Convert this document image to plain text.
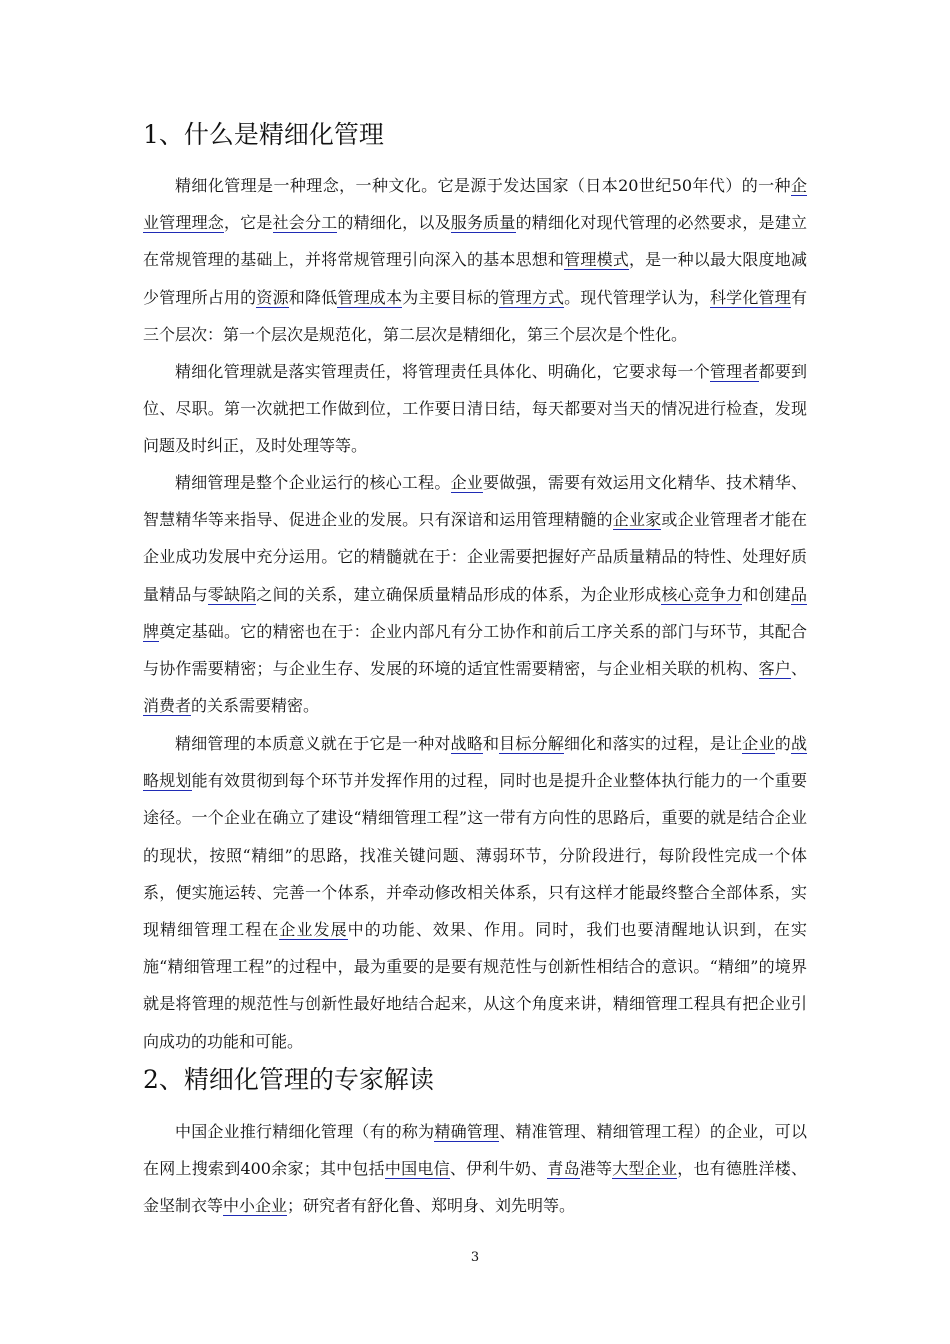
1、什么是精细化管理

精细化管理是一种理念，一种文化。它是源于发达国家（日本20世纪50年代）的一种企业管理理念，它是社会分工的精细化，以及服务质量的精细化对现代管理的必然要求，是建立在常规管理的基础上，并将常规管理引向深入的基本思想和管理模式，是一种以最大限度地减少管理所占用的资源和降低管理成本为主要目标的管理方式。现代管理学认为，科学化管理有三个层次：第一个层次是规范化，第二层次是精细化，第三个层次是个性化。

精细化管理就是落实管理责任，将管理责任具体化、明确化，它要求每一个管理者都要到位、尽职。第一次就把工作做到位，工作要日清日结，每天都要对当天的情况进行检查，发现问题及时纠正，及时处理等等。

精细管理是整个企业运行的核心工程。企业要做强，需要有效运用文化精华、技术精华、智慧精华等来指导、促进企业的发展。只有深谙和运用管理精髓的企业家或企业管理者才能在企业成功发展中充分运用。它的精髓就在于：企业需要把握好产品质量精品的特性、处理好质量精品与零缺陷之间的关系，建立确保质量精品形成的体系，为企业形成核心竞争力和创建品牌奠定基础。它的精密也在于：企业内部凡有分工协作和前后工序关系的部门与环节，其配合与协作需要精密；与企业生存、发展的环境的适宜性需要精密，与企业相关联的机构、客户、消费者的关系需要精密。

精细管理的本质意义就在于它是一种对战略和目标分解细化和落实的过程，是让企业的战略规划能有效贯彻到每个环节并发挥作用的过程，同时也是提升企业整体执行能力的一个重要途径。一个企业在确立了建设“精细管理工程”这一带有方向性的思路后，重要的就是结合企业的现状，按照“精细”的思路，找准关键问题、薄弱环节，分阶段进行，每阶段性完成一个体系，便实施运转、完善一个体系，并牵动修改相关体系，只有这样才能最终整合全部体系，实现精细管理工程在企业发展中的功能、效果、作用。同时，我们也要清醒地认识到，在实施“精细管理工程”的过程中，最为重要的是要有规范性与创新性相结合的意识。“精细”的境界就是将管理的规范性与创新性最好地结合起来，从这个角度来讲，精细管理工程具有把企业引向成功的功能和可能。

2、精细化管理的专家解读

中国企业推行精细化管理（有的称为精确管理、精准管理、精细管理工程）的企业，可以在网上搜索到400余家；其中包括中国电信、伊利牛奶、青岛港等大型企业，也有德胜洋楼、金坚制衣等中小企业；研究者有舒化鲁、郑明身、刘先明等。

3
